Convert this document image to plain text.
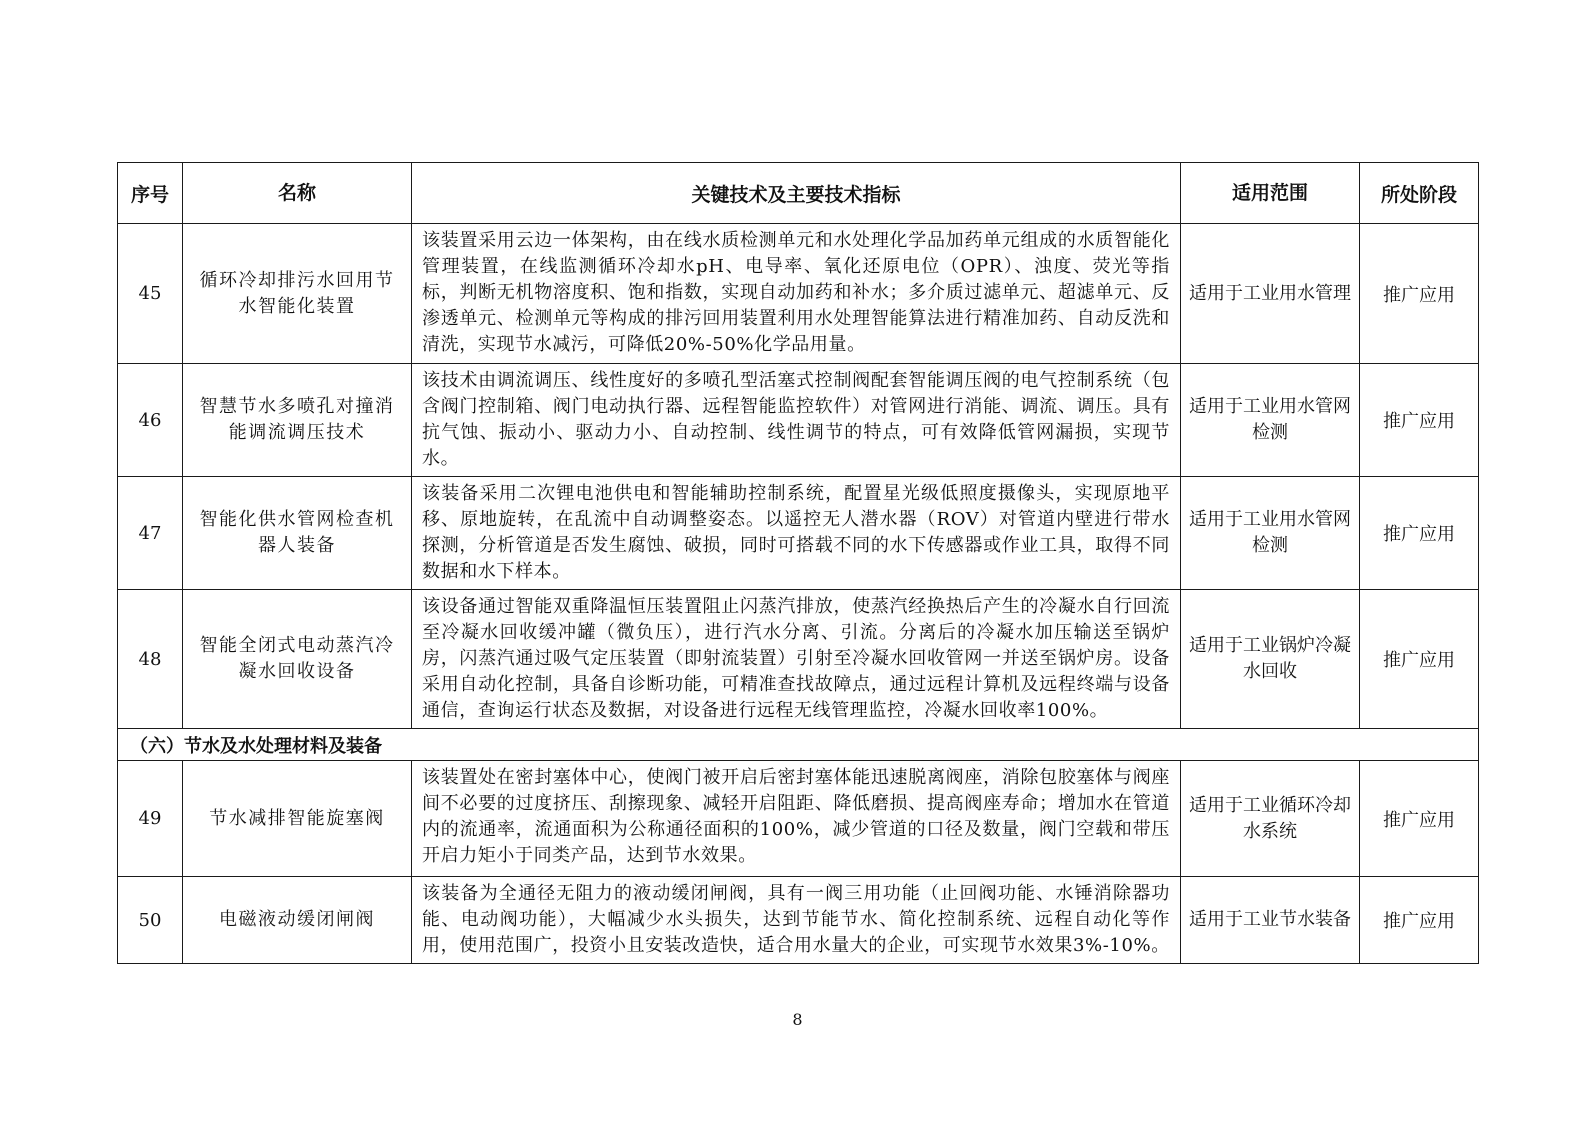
序号	名称	关键技术及主要技术指标	适用范围	所处阶段
45	循环冷却排污水回用节水智能化装置	该装置采用云边一体架构，由在线水质检测单元和水处理化学品加药单元组成的水质智能化管理装置，在线监测循环冷却水pH、电导率、氧化还原电位（OPR）、浊度、荧光等指标，判断无机物溶度积、饱和指数，实现自动加药和补水；多介质过滤单元、超滤单元、反渗透单元、检测单元等构成的排污回用装置利用水处理智能算法进行精准加药、自动反洗和清洗，实现节水减污，可降低20%-50%化学品用量。	适用于工业用水管理	推广应用
46	智慧节水多喷孔对撞消能调流调压技术	该技术由调流调压、线性度好的多喷孔型活塞式控制阀配套智能调压阀的电气控制系统（包含阀门控制箱、阀门电动执行器、远程智能监控软件）对管网进行消能、调流、调压。具有抗气蚀、振动小、驱动力小、自动控制、线性调节的特点，可有效降低管网漏损，实现节水。	适用于工业用水管网检测	推广应用
47	智能化供水管网检查机器人装备	该装备采用二次锂电池供电和智能辅助控制系统，配置星光级低照度摄像头，实现原地平移、原地旋转，在乱流中自动调整姿态。以遥控无人潜水器（ROV）对管道内壁进行带水探测，分析管道是否发生腐蚀、破损，同时可搭载不同的水下传感器或作业工具，取得不同数据和水下样本。	适用于工业用水管网检测	推广应用
48	智能全闭式电动蒸汽冷凝水回收设备	该设备通过智能双重降温恒压装置阻止闪蒸汽排放，使蒸汽经换热后产生的冷凝水自行回流至冷凝水回收缓冲罐（微负压），进行汽水分离、引流。分离后的冷凝水加压输送至锅炉房，闪蒸汽通过吸气定压装置（即射流装置）引射至冷凝水回收管网一并送至锅炉房。设备采用自动化控制，具备自诊断功能，可精准查找故障点，通过远程计算机及远程终端与设备通信，查询运行状态及数据，对设备进行远程无线管理监控，冷凝水回收率100%。	适用于工业锅炉冷凝水回收	推广应用
（六）节水及水处理材料及装备				
49	节水减排智能旋塞阀	该装置处在密封塞体中心，使阀门被开启后密封塞体能迅速脱离阀座，消除包胶塞体与阀座间不必要的过度挤压、刮擦现象、减轻开启阻距、降低磨损、提高阀座寿命；增加水在管道内的流通率，流通面积为公称通径面积的100%，减少管道的口径及数量，阀门空载和带压开启力矩小于同类产品，达到节水效果。	适用于工业循环冷却水系统	推广应用
50	电磁液动缓闭闸阀	该装备为全通径无阻力的液动缓闭闸阀，具有一阀三用功能（止回阀功能、水锤消除器功能、电动阀功能），大幅减少水头损失，达到节能节水、简化控制系统、远程自动化等作用，使用范围广，投资小且安装改造快，适合用水量大的企业，可实现节水效果3%-10%。	适用于工业节水装备	推广应用
8
